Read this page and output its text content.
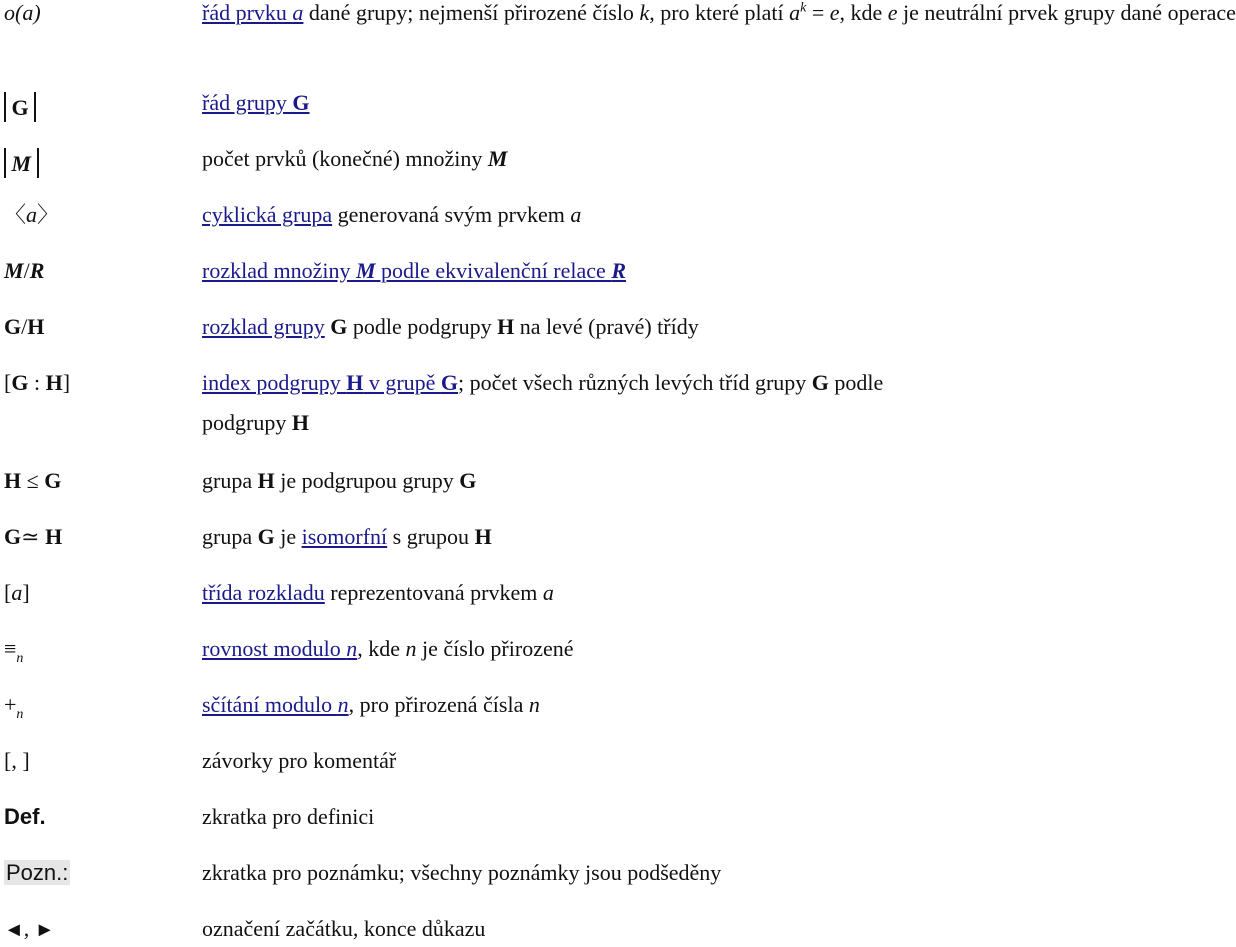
o(a)	řád prvku a dané grupy; nejmenší přirozené číslo k, pro které platí $a^k = e$, kde e je neutrální prvek grupy dané operace
G	řád grupy G
M	počet prvků (konečné) množiny M
〈a〉	cyklická grupa generovaná svým prvkem a
M/R	rozklad množiny M podle ekvivalenční relace R
G/H	rozklad grupy G podle podgrupy H na levé (pravé) třídy
[G : H]	index podgrupy H v grupě G; počet všech různých levých tříd grupy G podle podgrupy H
H ≤ G	grupa H je podgrupou grupy G
G≃ H	grupa G je isomorfní s grupou H
[a]	třída rozkladu reprezentovaná prvkem a
$\equiv_n$	rovnost modulo n, kde n je číslo přirozené
$+_n$	sčítání modulo n, pro přirozená čísla n
[, ]	závorky pro komentář
Def.	zkratka pro definici
Pozn.:	zkratka pro poznámku; všechny poznámky jsou podšeděny
◄, ►	označení začátku, konce důkazu
